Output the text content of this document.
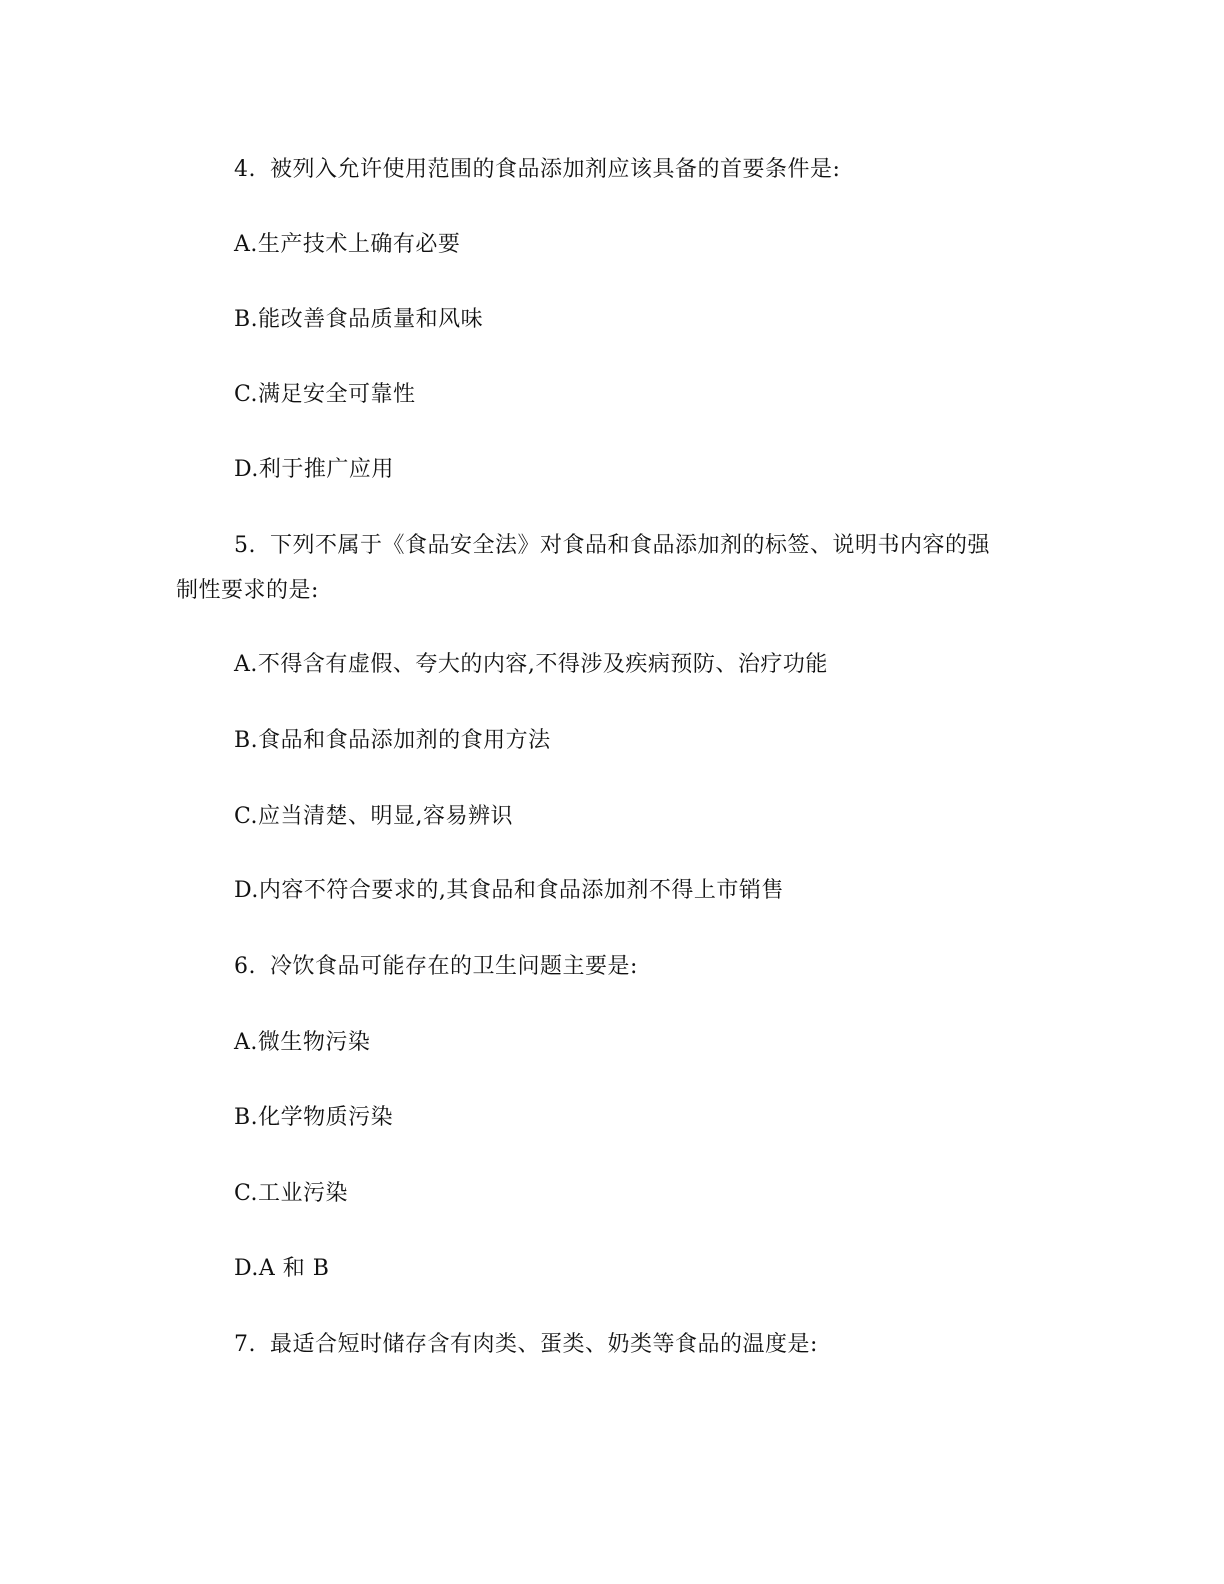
4. 被列入允许使用范围的食品添加剂应该具备的首要条件是:
A.生产技术上确有必要
B.能改善食品质量和风味
C.满足安全可靠性
D.利于推广应用
5. 下列不属于《食品安全法》对食品和食品添加剂的标签、说明书内容的强
制性要求的是:
A.不得含有虚假、夸大的内容,不得涉及疾病预防、治疗功能
B.食品和食品添加剂的食用方法
C.应当清楚、明显,容易辨识
D.内容不符合要求的,其食品和食品添加剂不得上市销售
6. 冷饮食品可能存在的卫生问题主要是:
A.微生物污染
B.化学物质污染
C.工业污染
D.A 和 B
7. 最适合短时储存含有肉类、蛋类、奶类等食品的温度是:
